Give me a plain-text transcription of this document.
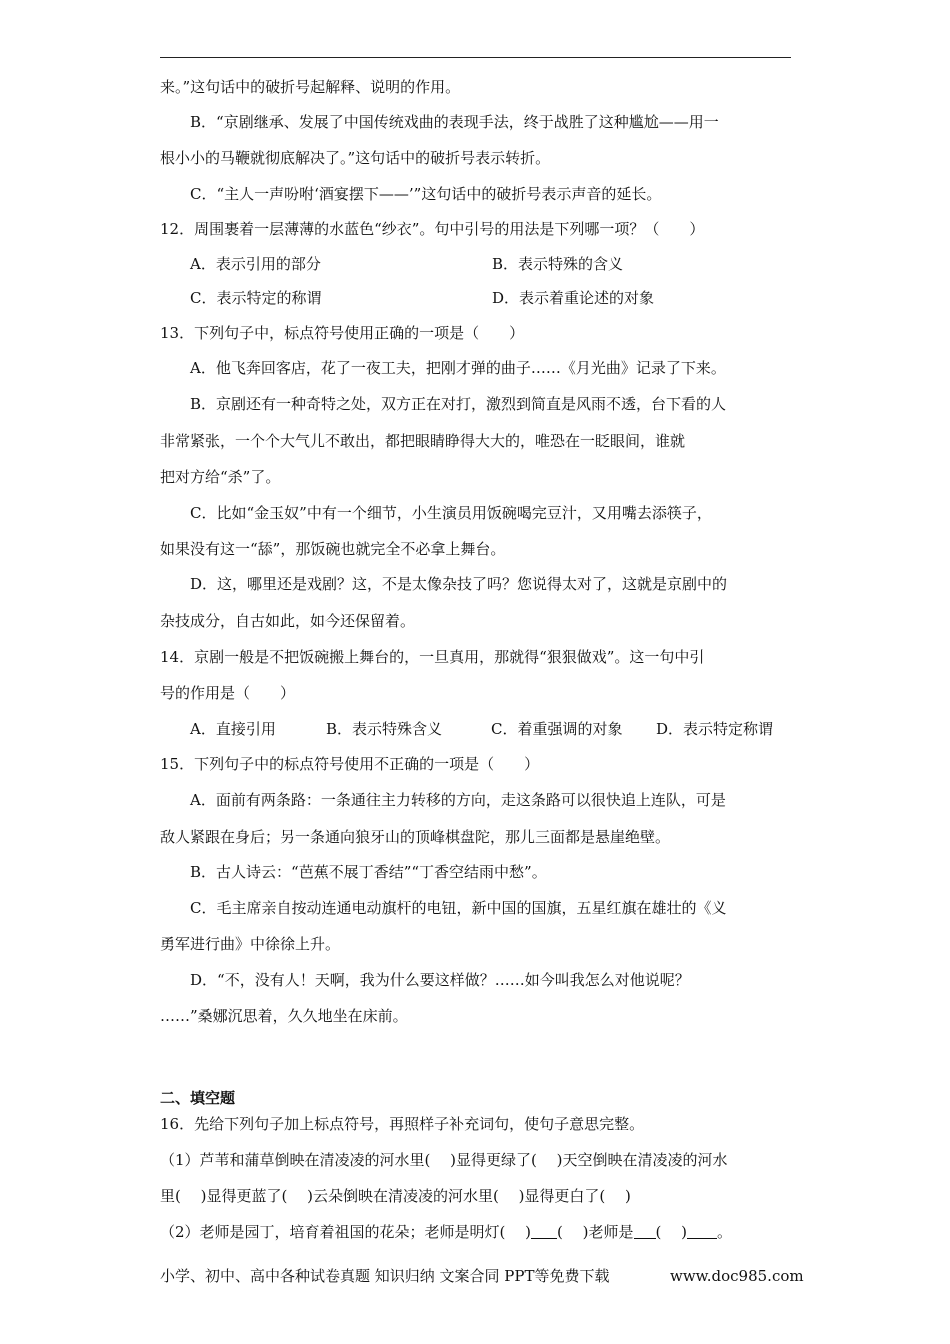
来。”这句话中的破折号起解释、说明的作用。
B．“京剧继承、发展了中国传统戏曲的表现手法，终于战胜了这种尴尬——用一
根小小的马鞭就彻底解决了。”这句话中的破折号表示转折。
C．“主人一声吩咐‘酒宴摆下——’”这句话中的破折号表示声音的延长。
12．周围裹着一层薄薄的水蓝色“纱衣”。句中引号的用法是下列哪一项？（　　）
A．表示引用的部分	B．表示特殊的含义
C．表示特定的称谓	D．表示着重论述的对象
13．下列句子中，标点符号使用正确的一项是（　　）
A．他飞奔回客店，花了一夜工夫，把刚才弹的曲子……《月光曲》记录了下来。
B．京剧还有一种奇特之处，双方正在对打，激烈到简直是风雨不透，台下看的人
非常紧张，一个个大气儿不敢出，都把眼睛睁得大大的，唯恐在一眨眼间，谁就
把对方给“杀”了。
C．比如“金玉奴”中有一个细节，小生演员用饭碗喝完豆汁，又用嘴去添筷子，
如果没有这一“舔”，那饭碗也就完全不必拿上舞台。
D．这，哪里还是戏剧？这，不是太像杂技了吗？您说得太对了，这就是京剧中的
杂技成分，自古如此，如今还保留着。
14．京剧一般是不把饭碗搬上舞台的，一旦真用，那就得“狠狠做戏”。这一句中引
号的作用是（　　）
A．直接引用	B．表示特殊含义	C．着重强调的对象 D．表示特定称谓
15．下列句子中的标点符号使用不正确的一项是（　　）
A．面前有两条路：一条通往主力转移的方向，走这条路可以很快追上连队，可是
敌人紧跟在身后；另一条通向狼牙山的顶峰棋盘陀，那儿三面都是悬崖绝壁。
B．古人诗云：“芭蕉不展丁香结”“丁香空结雨中愁”。
C．毛主席亲自按动连通电动旗杆的电钮，新中国的国旗，五星红旗在雄壮的《义
勇军进行曲》中徐徐上升。
D．“不，没有人！天啊，我为什么要这样做？……如今叫我怎么对他说呢？
……”桑娜沉思着，久久地坐在床前。
二、填空题
16．先给下列句子加上标点符号，再照样子补充词句，使句子意思完整。
（1）芦苇和蒲草倒映在清凌凌的河水里(　 )显得更绿了(　 )天空倒映在清凌凌的河水
里(　 )显得更蓝了(　 )云朵倒映在清凌凌的河水里(　 )显得更白了(　 )
（2）老师是园丁，培育着祖国的花朵；老师是明灯(　 ) (　 )老师是 (　 ) 。
小学、初中、高中各种试卷真题 知识归纳 文案合同 PPT等免费下载	www.doc985.com
